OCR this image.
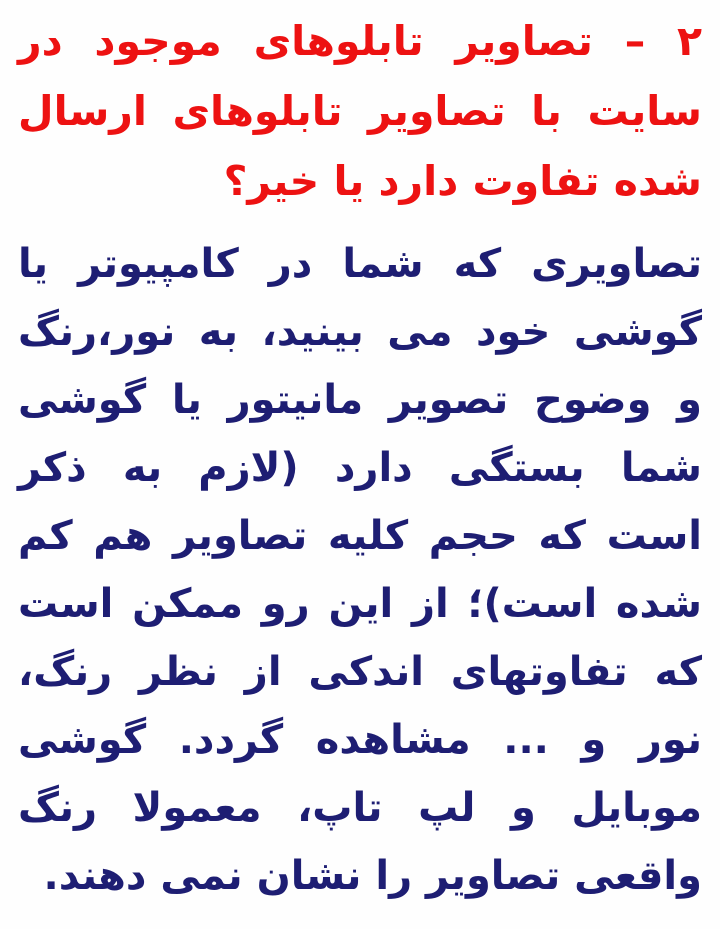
۲ – تصاویر تابلوهای موجود در
سایت با تصاویر تابلوهای ارسال
شده تفاوت دارد یا خیر؟
تصاویری که شما در کامپیوتر یا
گوشی خود می بینید، به نور،رنگ
و وضوح تصویر مانیتور یا گوشی
شما بستگی دارد (لازم به ذکر
است که حجم کلیه تصاویر هم کم
شده است)؛ از این رو ممکن است
که تفاوتهای اندکی از نظر رنگ،
نور و ... مشاهده گردد. گوشی
موبایل و لپ تاپ، معمولا رنگ
واقعی تصاویر را نشان نمی دهند.
